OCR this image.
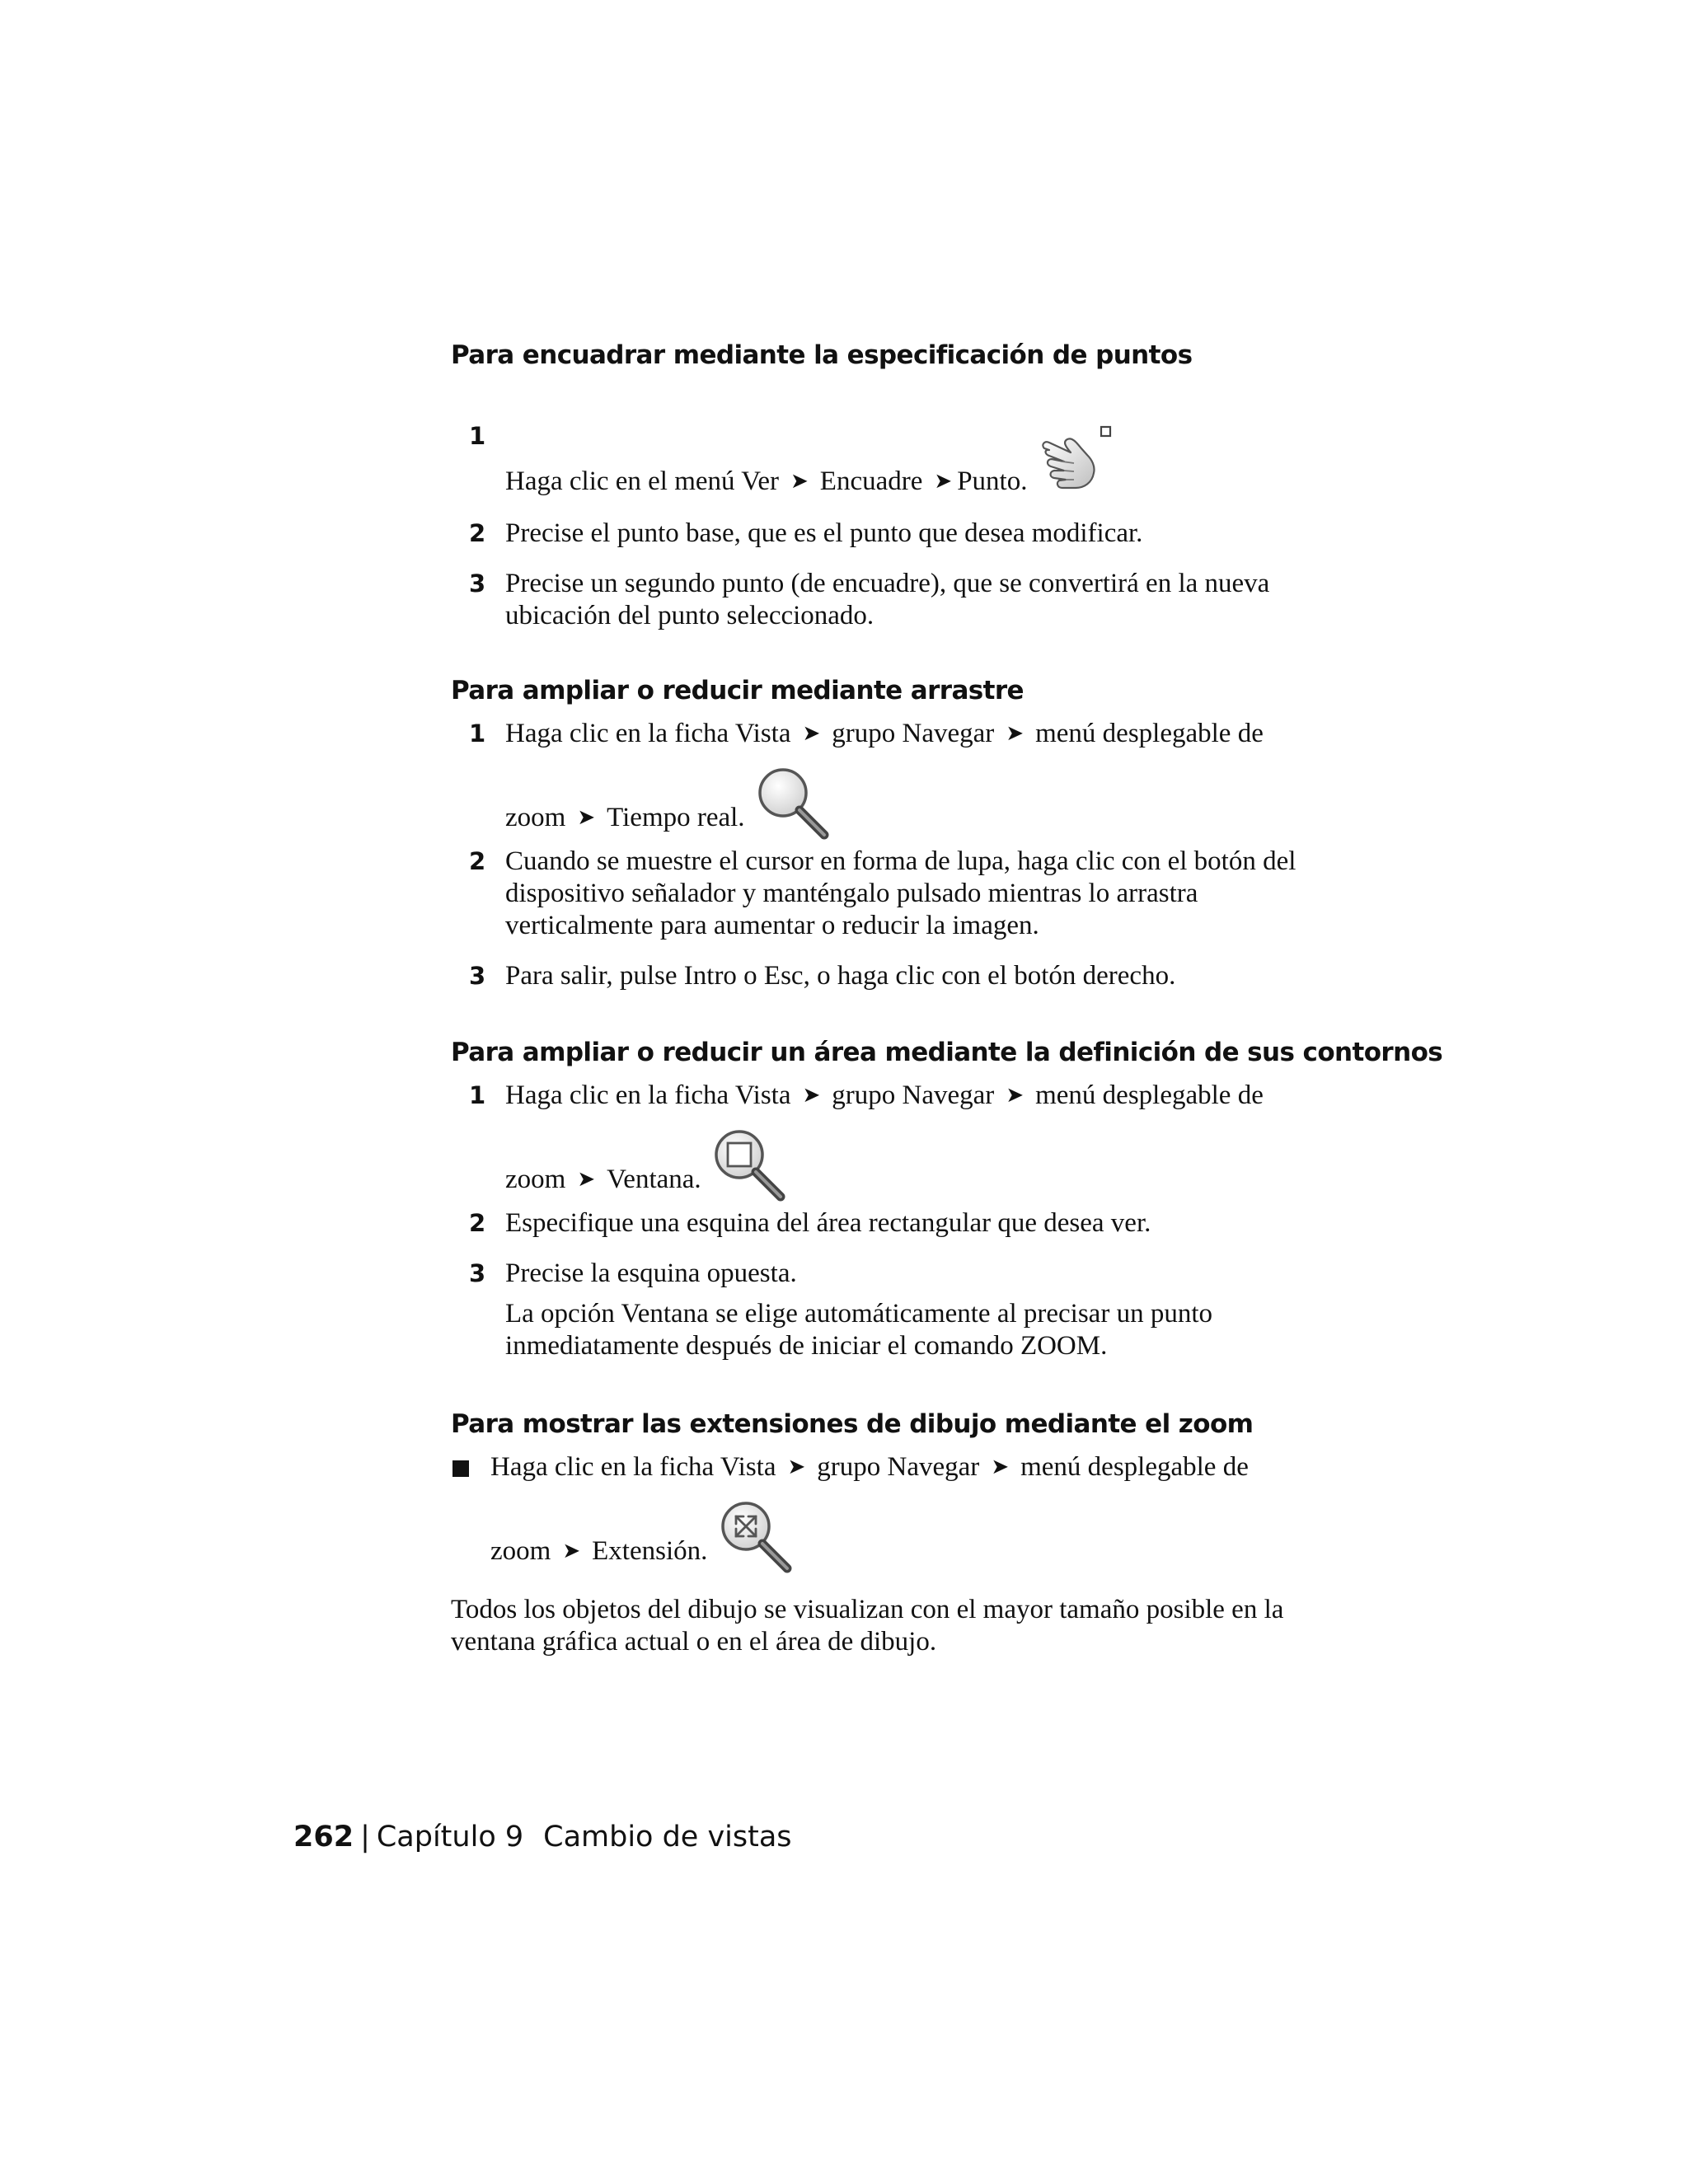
Para encuadrar mediante la especificación de puntos
1
Haga clic en el menú Ver ➤ Encuadre ➤ Punto.
2 Precise el punto base, que es el punto que desea modificar.
3 Precise un segundo punto (de encuadre), que se convertirá en la nueva
ubicación del punto seleccionado.
Para ampliar o reducir mediante arrastre
1 Haga clic en la ficha Vista ➤ grupo Navegar ➤ menú desplegable de
zoom ➤ Tiempo real.
2 Cuando se muestre el cursor en forma de lupa, haga clic con el botón del
dispositivo señalador y manténgalo pulsado mientras lo arrastra
verticalmente para aumentar o reducir la imagen.
3 Para salir, pulse Intro o Esc, o haga clic con el botón derecho.
Para ampliar o reducir un área mediante la definición de sus contornos
1 Haga clic en la ficha Vista ➤ grupo Navegar ➤ menú desplegable de
zoom ➤ Ventana.
2 Especifique una esquina del área rectangular que desea ver.
3 Precise la esquina opuesta.
La opción Ventana se elige automáticamente al precisar un punto
inmediatamente después de iniciar el comando ZOOM.
Para mostrar las extensiones de dibujo mediante el zoom
Haga clic en la ficha Vista ➤ grupo Navegar ➤ menú desplegable de
zoom ➤ Extensión.
Todos los objetos del dibujo se visualizan con el mayor tamaño posible en la
ventana gráfica actual o en el área de dibujo.
262 | Capítulo 9 Cambio de vistas
